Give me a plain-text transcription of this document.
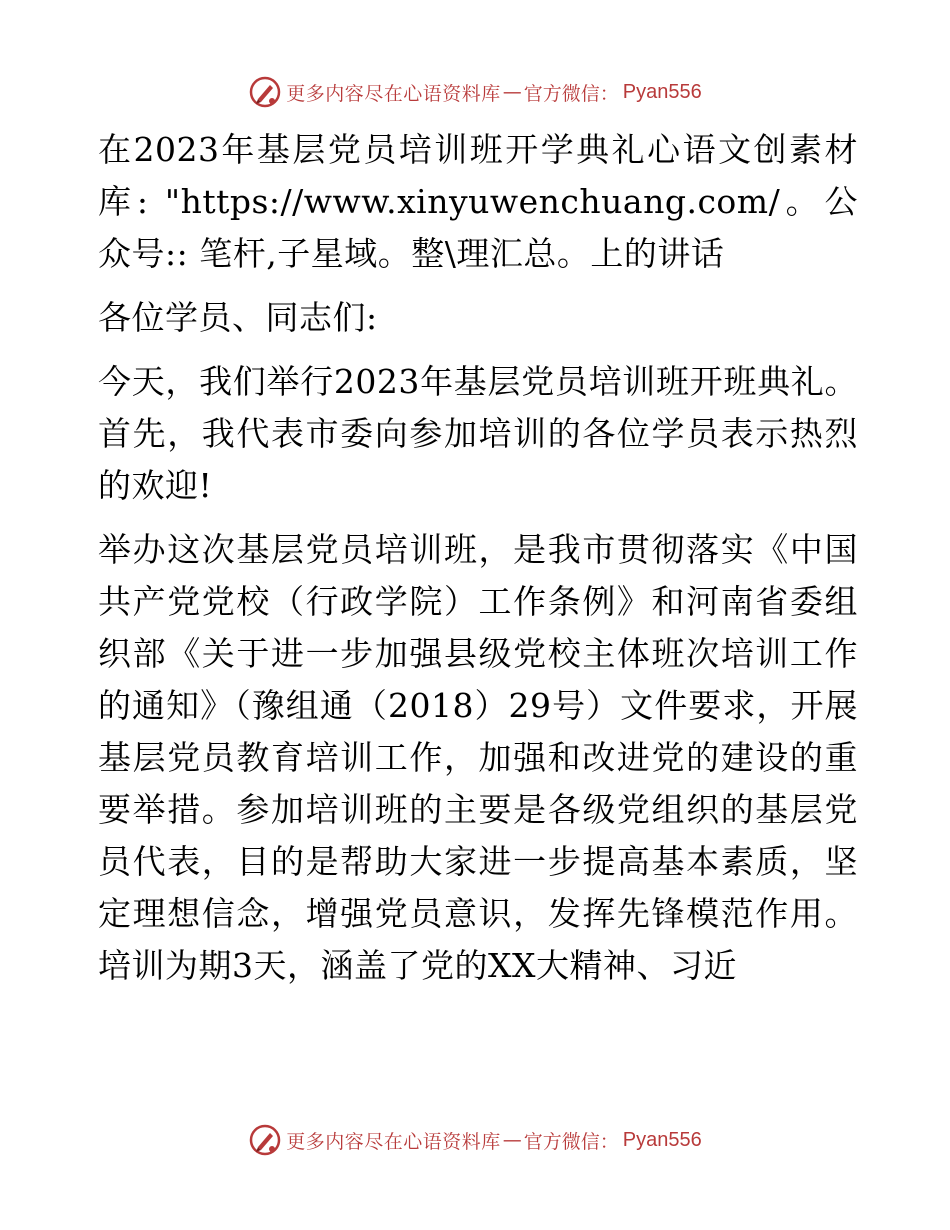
更多内容尽在心语资料库 — 官方微信： Pyan556

在2023年基层党员培训班开学典礼心语文创素材库: "https://www.xinyuwenchuang.com/。公众号:: 笔杆,子星域。整\理汇总。上的讲话

各位学员、同志们:

今天，我们举行2023年基层党员培训班开班典礼。首先，我代表市委向参加培训的各位学员表示热烈的欢迎!

举办这次基层党员培训班，是我市贯彻落实《中国共产党党校（行政学院）工作条例》和河南省委组织部《关于进一步加强县级党校主体班次培训工作的通知》（豫组通（2018）29号）文件要求，开展基层党员教育培训工作，加强和改进党的建设的重要举措。参加培训班的主要是各级党组织的基层党员代表，目的是帮助大家进一步提高基本素质，坚定理想信念，增强党员意识，发挥先锋模范作用。培训为期3天，涵盖了党的XX大精神、习近

更多内容尽在心语资料库 — 官方微信： Pyan556
